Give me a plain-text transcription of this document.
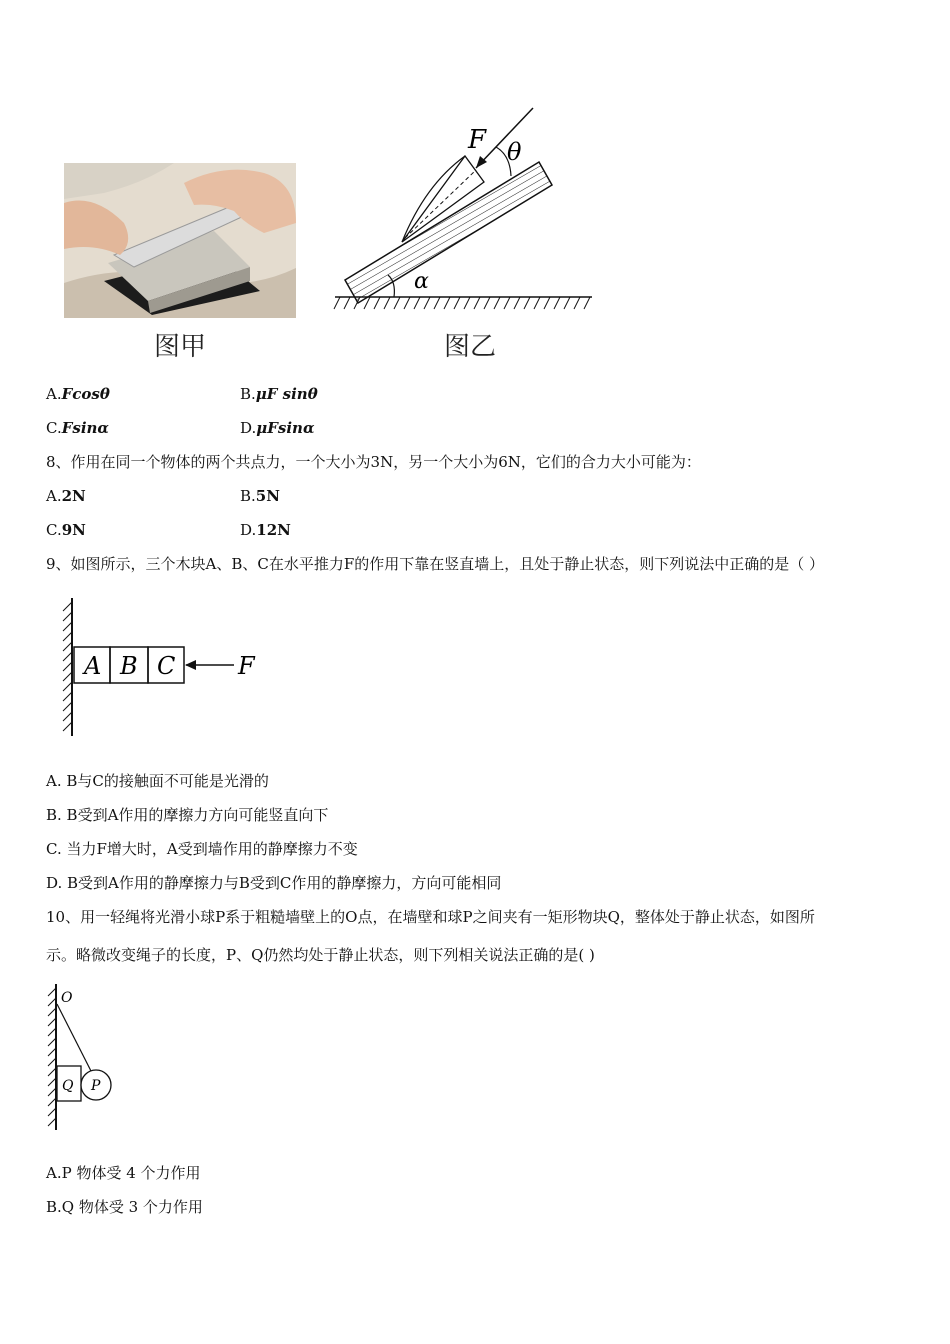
图甲
F θ
α
图乙
A.Fcosθ	B.μF sinθ
C.Fsinα	D.μFsinα
8、作用在同一个物体的两个共点力，一个大小为3N，另一个大小为6N，它们的合力大小可能为：
A.2N	B.5N
C.9N	D.12N
9、如图所示，三个木块A、B、C在水平推力F的作用下靠在竖直墙上，且处于静止状态，则下列说法中正确的是（ ）
A B C	F
A. B与C的接触面不可能是光滑的
B. B受到A作用的摩擦力方向可能竖直向下
C. 当力F增大时，A受到墙作用的静摩擦力不变
D. B受到A作用的静摩擦力与B受到C作用的静摩擦力，方向可能相同
10、用一轻绳将光滑小球P系于粗糙墙壁上的O点，在墙壁和球P之间夹有一矩形物块Q，整体处于静止状态，如图所
示。略微改变绳子的长度，P、Q仍然均处于静止状态，则下列相关说法正确的是( )
O
Q P
A.P 物体受 4 个力作用
B.Q 物体受 3 个力作用
